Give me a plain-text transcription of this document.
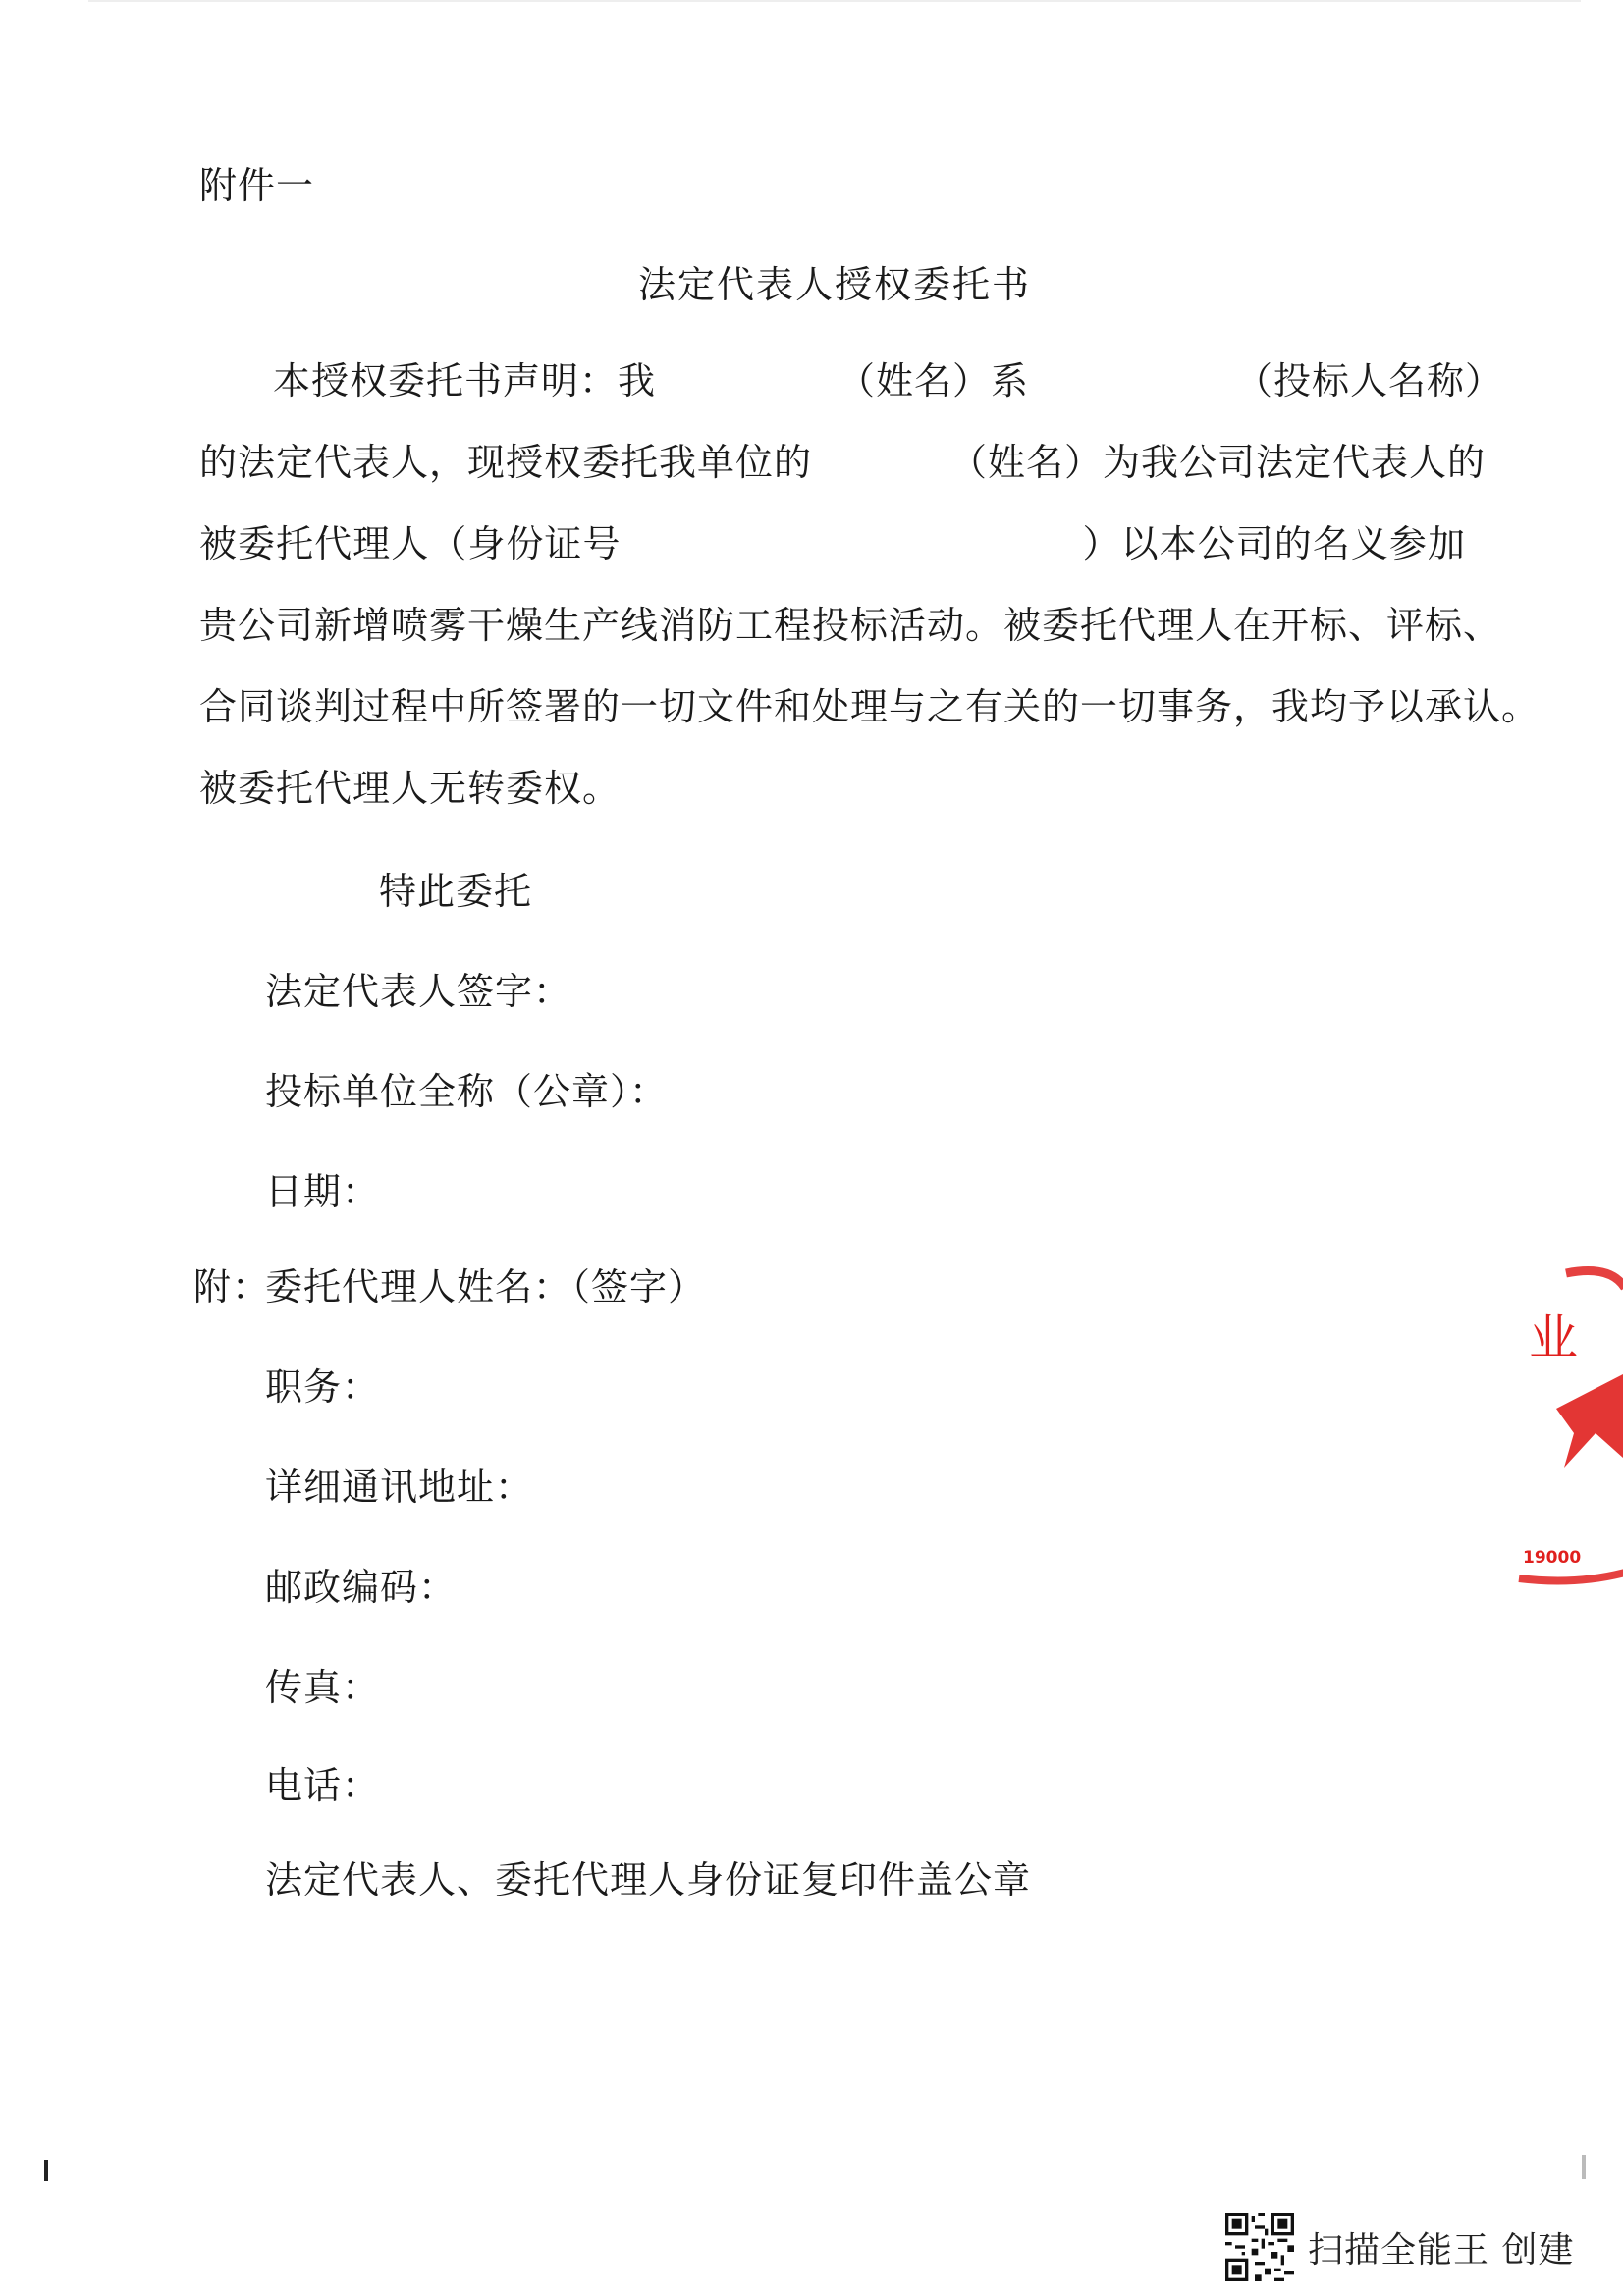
附件一
法定代表人授权委托书
本授权委托书声明：我	（姓名）系	（投标人名称）
的法定代表人，现授权委托我单位的	（姓名）为我公司法定代表人的
被委托代理人（身份证号	）以本公司的名义参加
贵公司新增喷雾干燥生产线消防工程投标活动。被委托代理人在开标、评标、
合同谈判过程中所签署的一切文件和处理与之有关的一切事务，我均予以承认。
被委托代理人无转委权。
特此委托
法定代表人签字：
投标单位全称（公章）：
日期：
附：
委托代理人姓名：（签字）
职务：
详细通讯地址：
邮政编码：
传真：
电话：
法定代表人、委托代理人身份证复印件盖公章
业
19000
扫描全能王 创建
